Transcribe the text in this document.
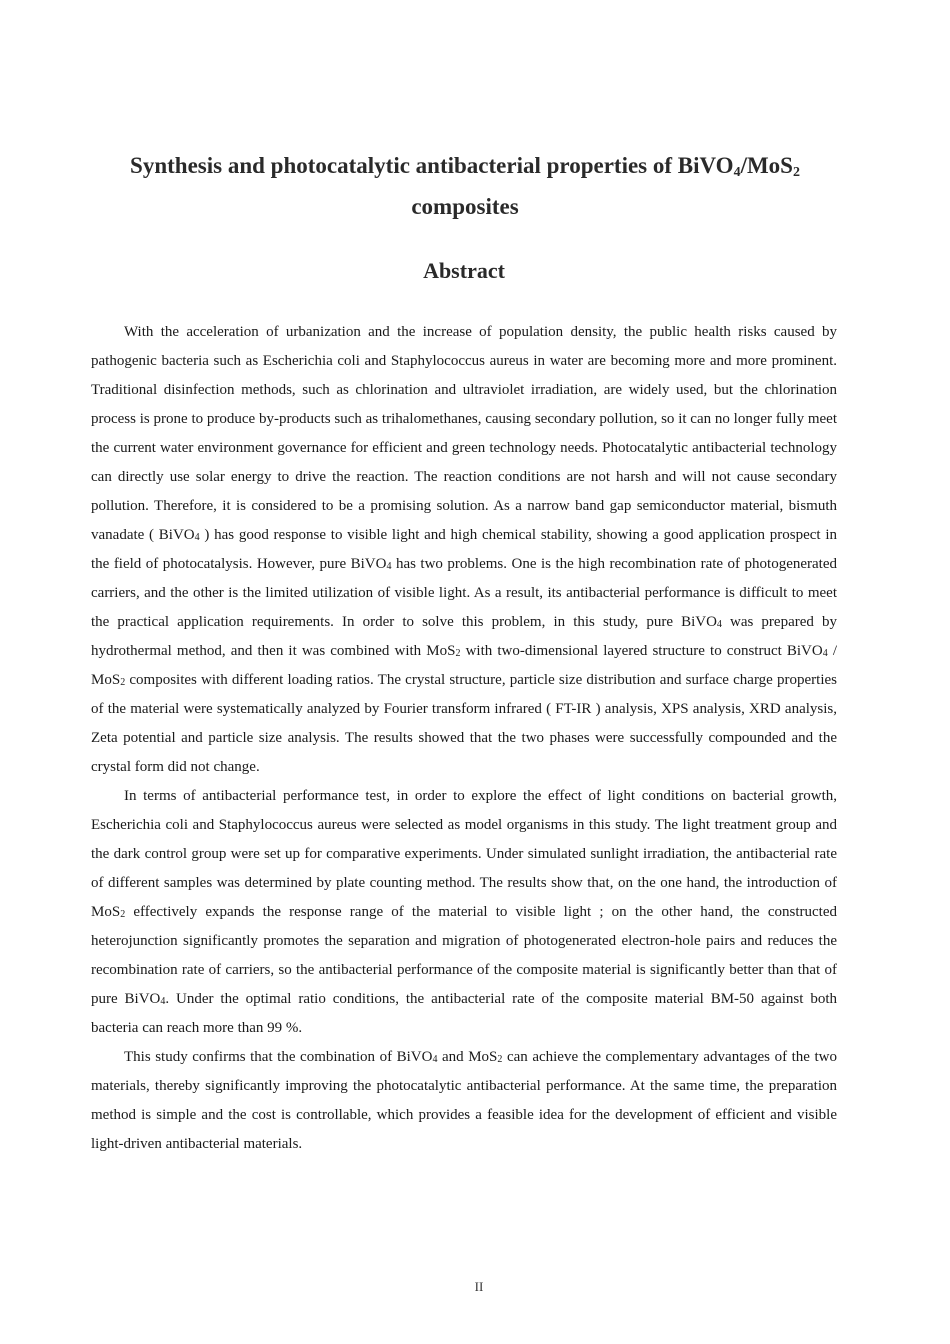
Synthesis and photocatalytic antibacterial properties of BiVO$_4$/MoS$_2$
composites
Abstract

With the acceleration of urbanization and the increase of population density, the public health risks caused by pathogenic bacteria such as Escherichia coli and Staphylococcus aureus in water are becoming more and more prominent. Traditional disinfection methods, such as chlorination and ultraviolet irradiation, are widely used, but the chlorination process is prone to produce by-products such as trihalomethanes, causing secondary pollution, so it can no longer fully meet the current water environment governance for efficient and green technology needs. Photocatalytic antibacterial technology can directly use solar energy to drive the reaction. The reaction conditions are not harsh and will not cause secondary pollution. Therefore, it is considered to be a promising solution. As a narrow band gap semiconductor material, bismuth vanadate ( BiVO$_4$ ) has good response to visible light and high chemical stability, showing a good application prospect in the field of photocatalysis. However, pure BiVO$_4$ has two problems. One is the high recombination rate of photogenerated carriers, and the other is the limited utilization of visible light. As a result, its antibacterial performance is difficult to meet the practical application requirements. In order to solve this problem, in this study, pure BiVO$_4$ was prepared by hydrothermal method, and then it was combined with MoS$_2$ with two-dimensional layered structure to construct BiVO$_4$ / MoS$_2$ composites with different loading ratios. The crystal structure, particle size distribution and surface charge properties of the material were systematically analyzed by Fourier transform infrared ( FT-IR ) analysis, XPS analysis, XRD analysis, Zeta potential and particle size analysis. The results showed that the two phases were successfully compounded and the crystal form did not change.

In terms of antibacterial performance test, in order to explore the effect of light conditions on bacterial growth, Escherichia coli and Staphylococcus aureus were selected as model organisms in this study. The light treatment group and the dark control group were set up for comparative experiments. Under simulated sunlight irradiation, the antibacterial rate of different samples was determined by plate counting method. The results show that, on the one hand, the introduction of MoS$_2$ effectively expands the response range of the material to visible light ; on the other hand, the constructed heterojunction significantly promotes the separation and migration of photogenerated electron-hole pairs and reduces the recombination rate of carriers, so the antibacterial performance of the composite material is significantly better than that of pure BiVO$_4$. Under the optimal ratio conditions, the antibacterial rate of the composite material BM-50 against both bacteria can reach more than 99 %.

This study confirms that the combination of BiVO$_4$ and MoS$_2$ can achieve the complementary advantages of the two materials, thereby significantly improving the photocatalytic antibacterial performance. At the same time, the preparation method is simple and the cost is controllable, which provides a feasible idea for the development of efficient and visible light-driven antibacterial materials.

II
